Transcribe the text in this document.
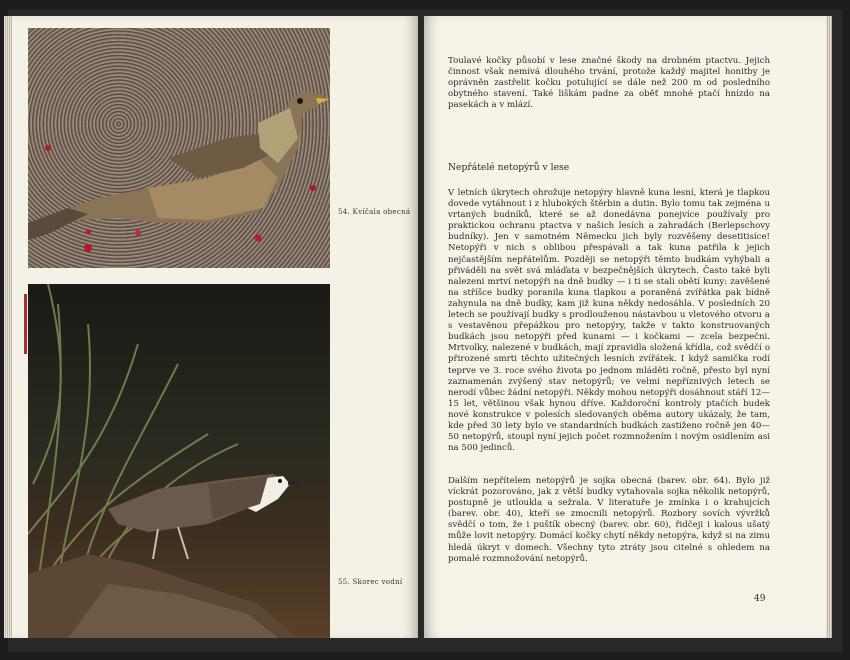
54. Kvíčala obecná
55. Skorec vodní

Toulavé kočky působí v lese značné škody na drobném ptactvu. Jejich činnost však nemívá dlouhého trvání, protože každý majitel honitby je oprávněn zastřelit kočku potulující se dále než 200 m od posledního obytného stavení. Také liškám padne za oběť mnohé ptačí hnízdo na pasekách a v mlází.

Nepřátelé netopýrů v lese

V letních úkrytech ohrožuje netopýry hlavně kuna lesní, která je tlapkou dovede vytáhnout i z hlubokých štěrbin a dutin. Bylo tomu tak zejména u vrtaných budníků, které se až donedávna ponejvíce používaly pro praktickou ochranu ptactva v našich lesích a zahradách (Berlepschovy budníky). Jen v samotném Německu jich byly rozvěšeny desetitisíce! Netopýři v nich s oblibou přespávali a tak kuna patřila k jejich nejčastějším nepřátelům. Později se netopýři těmto budkám vyhýbali a přiváděli na svět svá mláďata v bezpečnějších úkrytech. Často také byli nalezeni mrtví netopýři na dně budky — i ti se stali obětí kuny: zavěšené na stříšce budky poranila kuna tlapkou a poraněná zvířátka pak bídně zahynula na dně budky, kam již kuna někdy nedosáhla. V posledních 20 letech se používají budky s prodlouženou nástavbou u vletového otvoru a s vestavěnou přepážkou pro netopýry, takže v takto konstruovaných budkách jsou netopýři před kunami — i kočkami — zcela bezpečni. Mrtvolky, nalezené v budkách, mají zpravidla složená křídla, což svědčí o přirozené smrti těchto užitečných lesních zvířátek. I když samička rodí teprve ve 3. roce svého života po jednom mláděti ročně, přesto byl nyní zaznamenán zvýšený stav netopýrů; ve velmi nepříznivých letech se nerodí vůbec žádní netopýři. Někdy mohou netopýři dosáhnout stáří 12—15 let, většinou však hynou dříve. Každoroční kontroly ptačích budek nové konstrukce v polesích sledovaných oběma autory ukázaly, že tam, kde před 30 lety bylo ve standardních budkách zastiženo ročně jen 40—50 netopýrů, stoupl nyní jejich počet rozmnožením i novým osidlením asi na 500 jedinců.

Dalším nepřítelem netopýrů je sojka obecná (barev. obr. 64). Bylo již víckrát pozorováno, jak z větší budky vytahovala sojka několik netopýrů, postupně je utloukla a sežrala. V literatuře je zmínka i o krahujcích (barev. obr. 40), kteří se zmocnili netopýrů. Rozbory sovích vývržků svědčí o tom, že i puštík obecný (barev. obr. 60), řidčeji i kalous ušatý může lovit netopýry. Domácí kočky chytí někdy netopýra, když si na zimu hledá úkryt v domech. Všechny tyto ztráty jsou citelné s ohledem na pomalé rozmnožování netopýrů.

49
